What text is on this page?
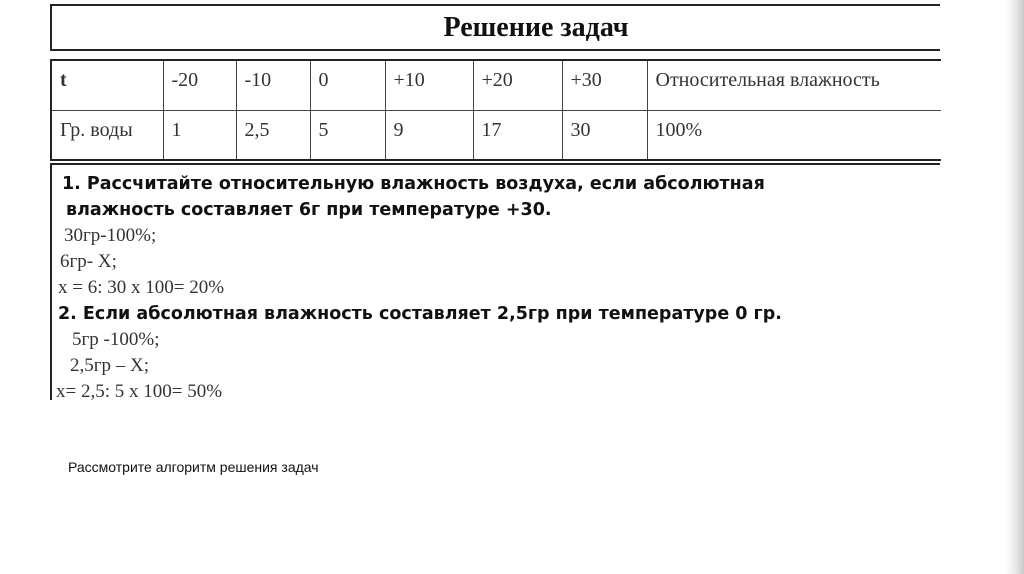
Решение задач
t	-20	-10	0	+10	+20	+30	Относительная влажность
Гр. воды	1	2,5	5	9	17	30	100%
1. Рассчитайте относительную влажность воздуха, если абсолютная
влажность составляет 6г при температуре +30.
30гр-100%;
6гр- Х;
х = 6: 30 х 100= 20%
2. Если абсолютная влажность составляет 2,5гр при температуре 0 гр.
5гр -100%;
2,5гр – Х;
х= 2,5: 5 х 100= 50%
Рассмотрите алгоритм решения задач
